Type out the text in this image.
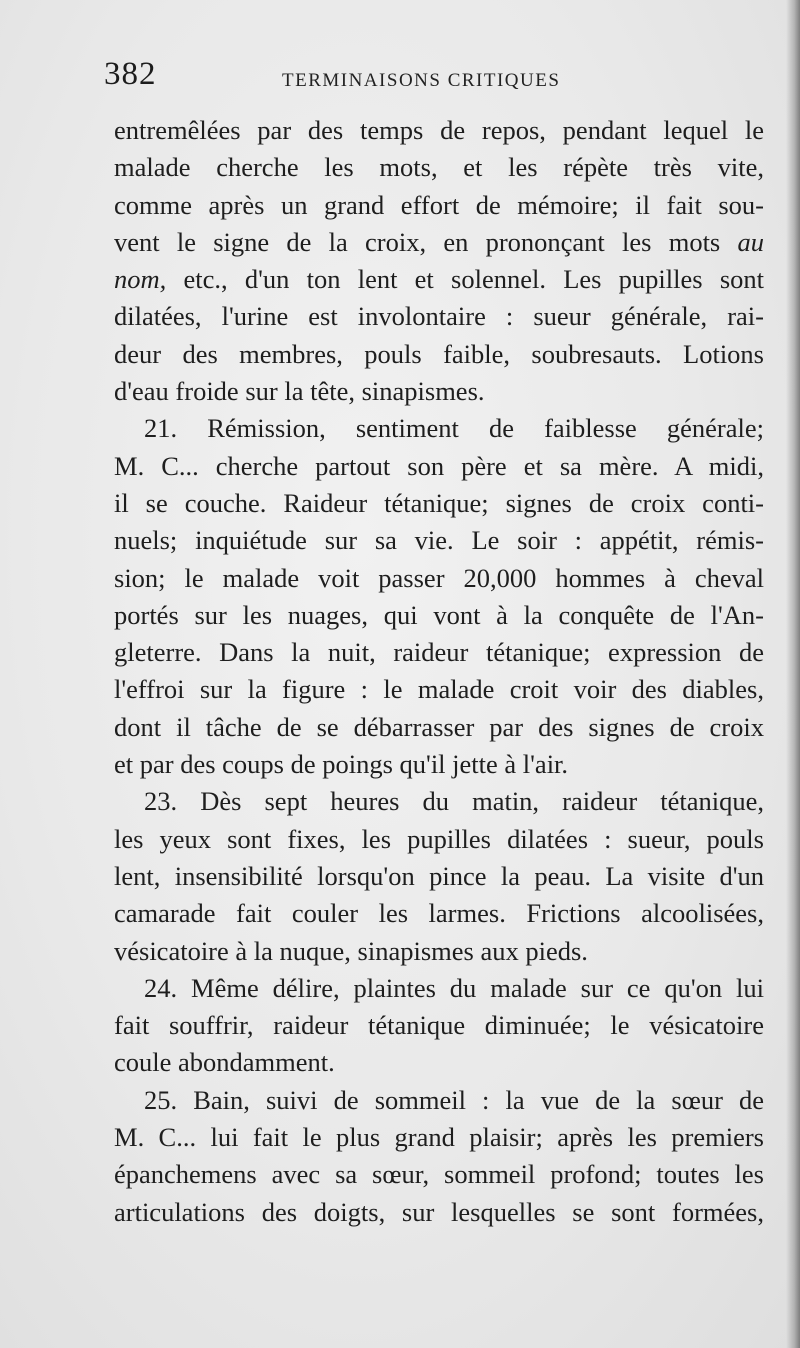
382	TERMINAISONS CRITIQUES
entremêlées par des temps de repos, pendant lequel le
malade cherche les mots, et les répète très vite,
comme après un grand effort de mémoire; il fait sou-
vent le signe de la croix, en prononçant les mots au
nom, etc., d'un ton lent et solennel. Les pupilles sont
dilatées, l'urine est involontaire : sueur générale, rai-
deur des membres, pouls faible, soubresauts. Lotions
d'eau froide sur la tête, sinapismes.
21. Rémission, sentiment de faiblesse générale;
M. C... cherche partout son père et sa mère. A midi,
il se couche. Raideur tétanique; signes de croix conti-
nuels; inquiétude sur sa vie. Le soir : appétit, rémis-
sion; le malade voit passer 20,000 hommes à cheval
portés sur les nuages, qui vont à la conquête de l'An-
gleterre. Dans la nuit, raideur tétanique; expression de
l'effroi sur la figure : le malade croit voir des diables,
dont il tâche de se débarrasser par des signes de croix
et par des coups de poings qu'il jette à l'air.
23. Dès sept heures du matin, raideur tétanique,
les yeux sont fixes, les pupilles dilatées : sueur, pouls
lent, insensibilité lorsqu'on pince la peau. La visite d'un
camarade fait couler les larmes. Frictions alcoolisées,
vésicatoire à la nuque, sinapismes aux pieds.
24. Même délire, plaintes du malade sur ce qu'on lui
fait souffrir, raideur tétanique diminuée; le vésicatoire
coule abondamment.
25. Bain, suivi de sommeil : la vue de la sœur de
M. C... lui fait le plus grand plaisir; après les premiers
épanchemens avec sa sœur, sommeil profond; toutes les
articulations des doigts, sur lesquelles se sont formées,
